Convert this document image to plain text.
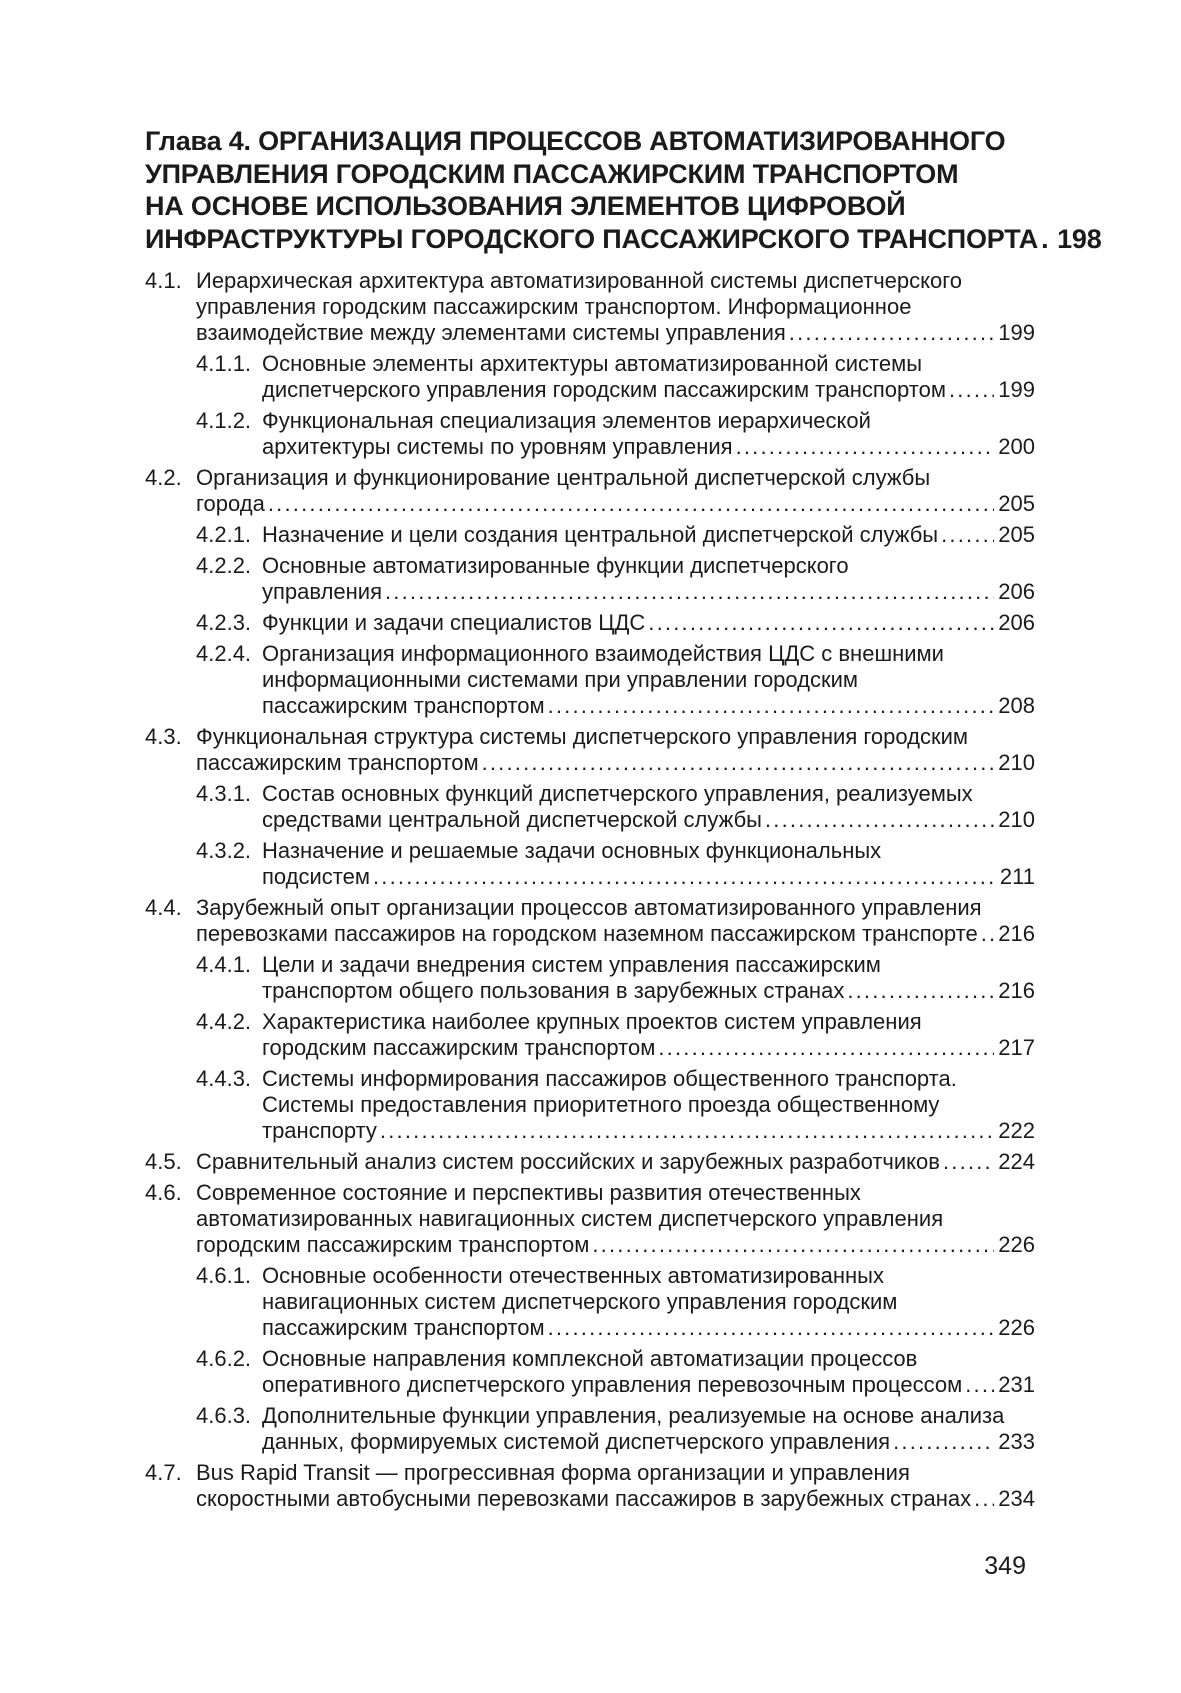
Глава 4. ОРГАНИЗАЦИЯ ПРОЦЕССОВ АВТОМАТИЗИРОВАННОГО
УПРАВЛЕНИЯ ГОРОДСКИМ ПАССАЖИРСКИМ ТРАНСПОРТОМ
НА ОСНОВЕ ИСПОЛЬЗОВАНИЯ ЭЛЕМЕНТОВ ЦИФРОВОЙ
ИНФРАСТРУКТУРЫ ГОРОДСКОГО ПАССАЖИРСКОГО ТРАНСПОРТА ..... 198
4.1. Иерархическая архитектура автоматизированной системы диспетчерского
управления городским пассажирским транспортом. Информационное
взаимодействие между элементами системы управления .....	199
4.1.1. Основные элементы архитектуры автоматизированной системы
диспетчерского управления городским пассажирским транспортом ..... 199
4.1.2. Функциональная специализация элементов иерархической
архитектуры системы по уровням управления .....	200
4.2. Организация и функционирование центральной диспетчерской службы
города .....	205
4.2.1. Назначение и цели создания центральной диспетчерской службы .....	205
4.2.2. Основные автоматизированные функции диспетчерского
управления .....	206
4.2.3. Функции и задачи специалистов ЦДС .....	206
4.2.4. Организация информационного взаимодействия ЦДС с внешними
информационными системами при управлении городским
пассажирским транспортом .....	208
4.3. Функциональная структура системы диспетчерского управления городским
пассажирским транспортом .....	210
4.3.1. Состав основных функций диспетчерского управления, реализуемых
средствами центральной диспетчерской службы .....	210
4.3.2. Назначение и решаемые задачи основных функциональных
подсистем .....	211
4.4. Зарубежный опыт организации процессов автоматизированного управления
перевозками пассажиров на городском наземном пассажирском транспорте ..... 216
4.4.1. Цели и задачи внедрения систем управления пассажирским
транспортом общего пользования в зарубежных странах .....	216
4.4.2. Характеристика наиболее крупных проектов систем управления
городским пассажирским транспортом .....	217
4.4.3. Системы информирования пассажиров общественного транспорта.
Системы предоставления приоритетного проезда общественному
транспорту .....	222
4.5. Сравнительный анализ систем российских и зарубежных разработчиков .....	224
4.6. Современное состояние и перспективы развития отечественных
автоматизированных навигационных систем диспетчерского управления
городским пассажирским транспортом .....	226
4.6.1. Основные особенности отечественных автоматизированных
навигационных систем диспетчерского управления городским
пассажирским транспортом .....	226
4.6.2. Основные направления комплексной автоматизации процессов
оперативного диспетчерского управления перевозочным процессом ..... 231
4.6.3. Дополнительные функции управления, реализуемые на основе анализа
данных, формируемых системой диспетчерского управления .....	233
4.7. Bus Rapid Transit — прогрессивная форма организации и управления
скоростными автобусными перевозками пассажиров в зарубежных странах ..... 234
349
